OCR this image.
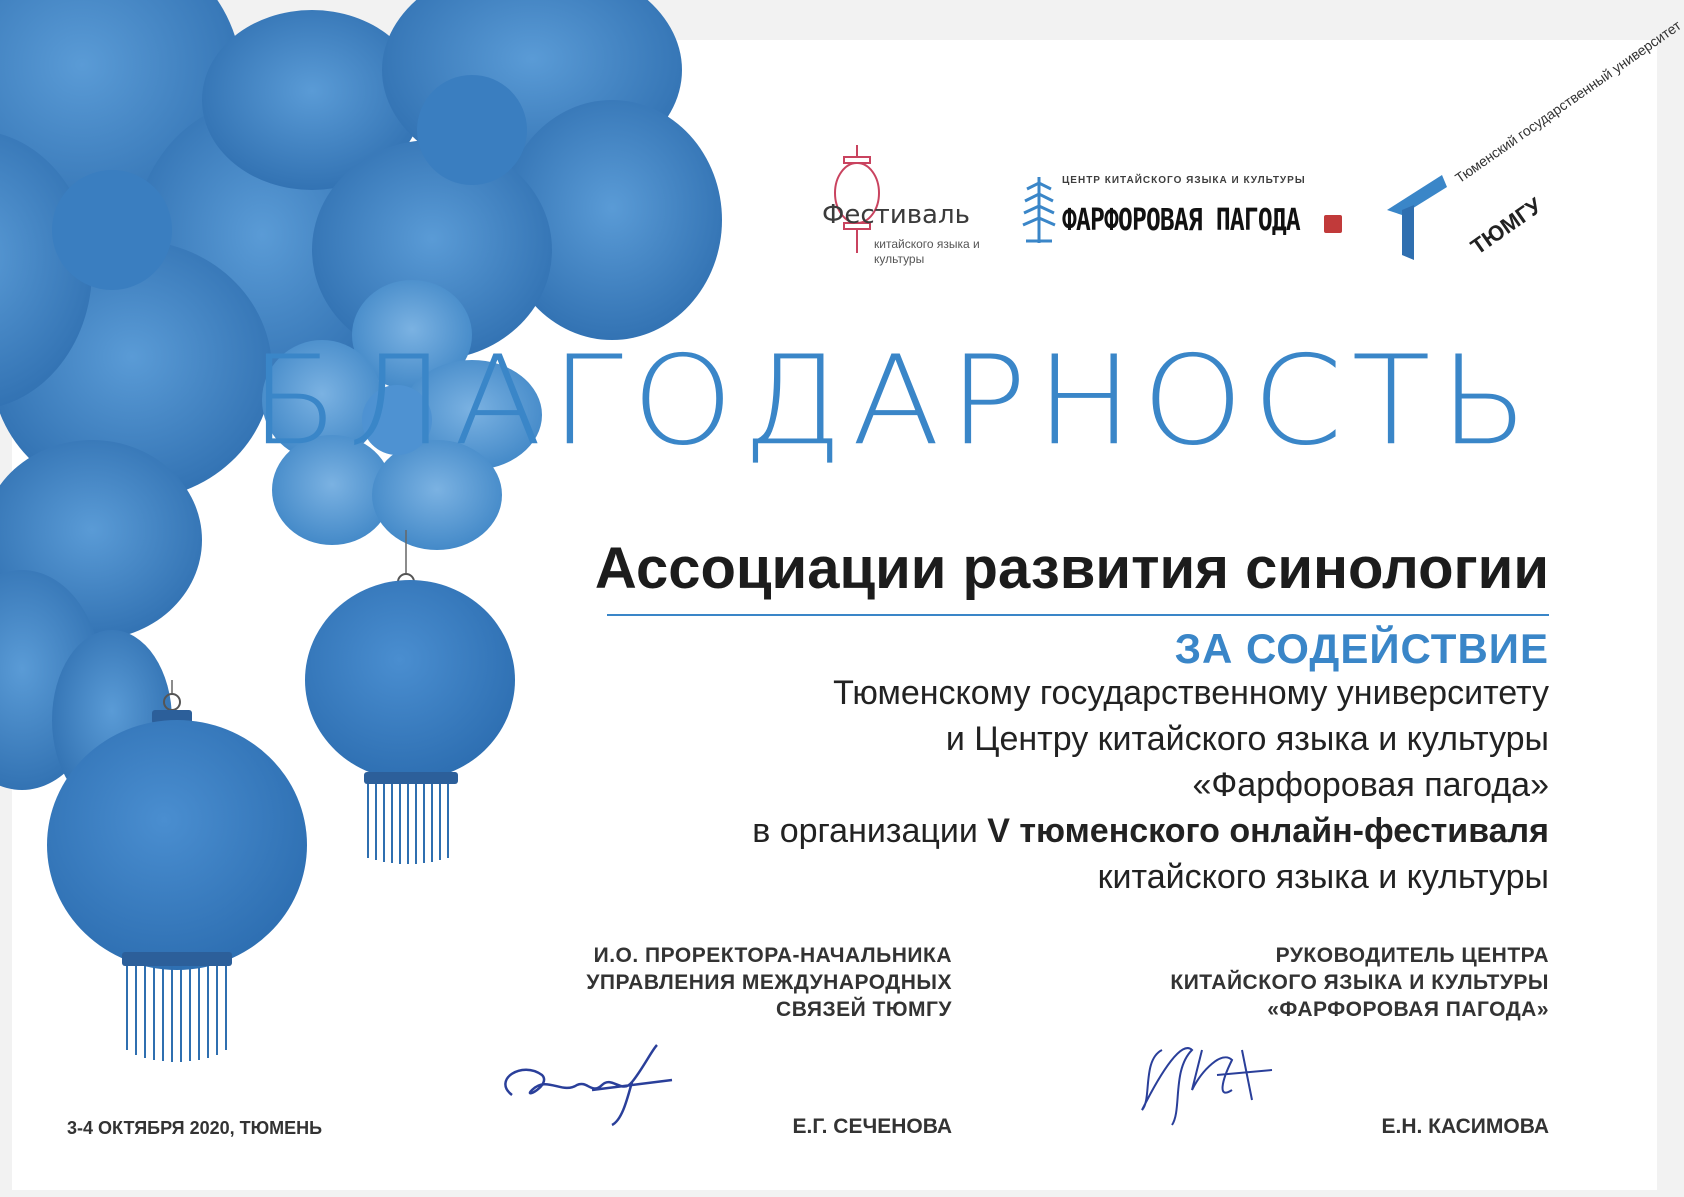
Фестиваль
китайского языка и культуры
ЦЕНТР КИТАЙСКОГО ЯЗЫКА И КУЛЬТУРЫ
ФАРФОРОВАЯ ПАГОДА
Тюменский государственный университет
ТЮМГУ
БЛАГОДАРНОСТЬ
Ассоциации развития синологии
ЗА СОДЕЙСТВИЕ
Тюменскому государственному университету
и Центру китайского языка и культуры
«Фарфоровая пагода»
в организации V тюменского онлайн-фестиваля
китайского языка и культуры
И.О. ПРОРЕКТОРА-НАЧАЛЬНИКА
УПРАВЛЕНИЯ МЕЖДУНАРОДНЫХ
СВЯЗЕЙ ТЮМГУ
РУКОВОДИТЕЛЬ ЦЕНТРА
КИТАЙСКОГО ЯЗЫКА И КУЛЬТУРЫ
«ФАРФОРОВАЯ ПАГОДА»
Е.Г. СЕЧЕНОВА	Е.Н. КАСИМОВА
3-4 ОКТЯБРЯ 2020, ТЮМЕНЬ
